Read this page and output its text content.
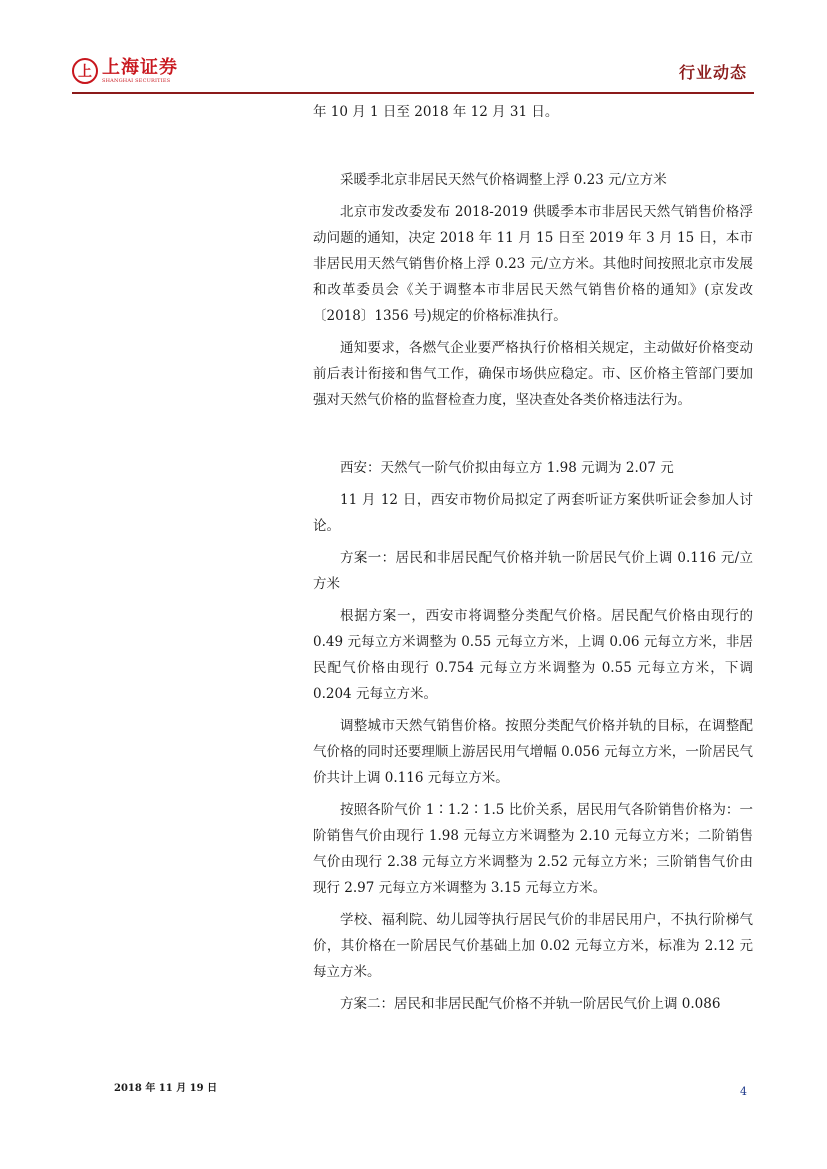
上 上海证券
SHANGHAI SECURITIES	行业动态

年 10 月 1 日至 2018 年 12 月 31 日。

采暖季北京非居民天然气价格调整上浮 0.23 元/立方米

北京市发改委发布 2018-2019 供暖季本市非居民天然气销售价格浮动问题的通知，决定 2018 年 11 月 15 日至 2019 年 3 月 15 日，本市非居民用天然气销售价格上浮 0.23 元/立方米。其他时间按照北京市发展和改革委员会《关于调整本市非居民天然气销售价格的通知》(京发改〔2018〕1356 号)规定的价格标准执行。

通知要求，各燃气企业要严格执行价格相关规定，主动做好价格变动前后表计衔接和售气工作，确保市场供应稳定。市、区价格主管部门要加强对天然气价格的监督检查力度，坚决查处各类价格违法行为。

西安：天然气一阶气价拟由每立方 1.98 元调为 2.07 元

11 月 12 日，西安市物价局拟定了两套听证方案供听证会参加人讨论。

方案一：居民和非居民配气价格并轨一阶居民气价上调 0.116 元/立方米

根据方案一，西安市将调整分类配气价格。居民配气价格由现行的 0.49 元每立方米调整为 0.55 元每立方米，上调 0.06 元每立方米，非居民配气价格由现行 0.754 元每立方米调整为 0.55 元每立方米，下调 0.204 元每立方米。

调整城市天然气销售价格。按照分类配气价格并轨的目标，在调整配气价格的同时还要理顺上游居民用气增幅 0.056 元每立方米，一阶居民气价共计上调 0.116 元每立方米。

按照各阶气价 1∶1.2∶1.5 比价关系，居民用气各阶销售价格为：一阶销售气价由现行 1.98 元每立方米调整为 2.10 元每立方米；二阶销售气价由现行 2.38 元每立方米调整为 2.52 元每立方米；三阶销售气价由现行 2.97 元每立方米调整为 3.15 元每立方米。

学校、福利院、幼儿园等执行居民气价的非居民用户，不执行阶梯气价，其价格在一阶居民气价基础上加 0.02 元每立方米，标准为 2.12 元每立方米。

方案二：居民和非居民配气价格不并轨一阶居民气价上调 0.086

2018 年 11 月 19 日	4
